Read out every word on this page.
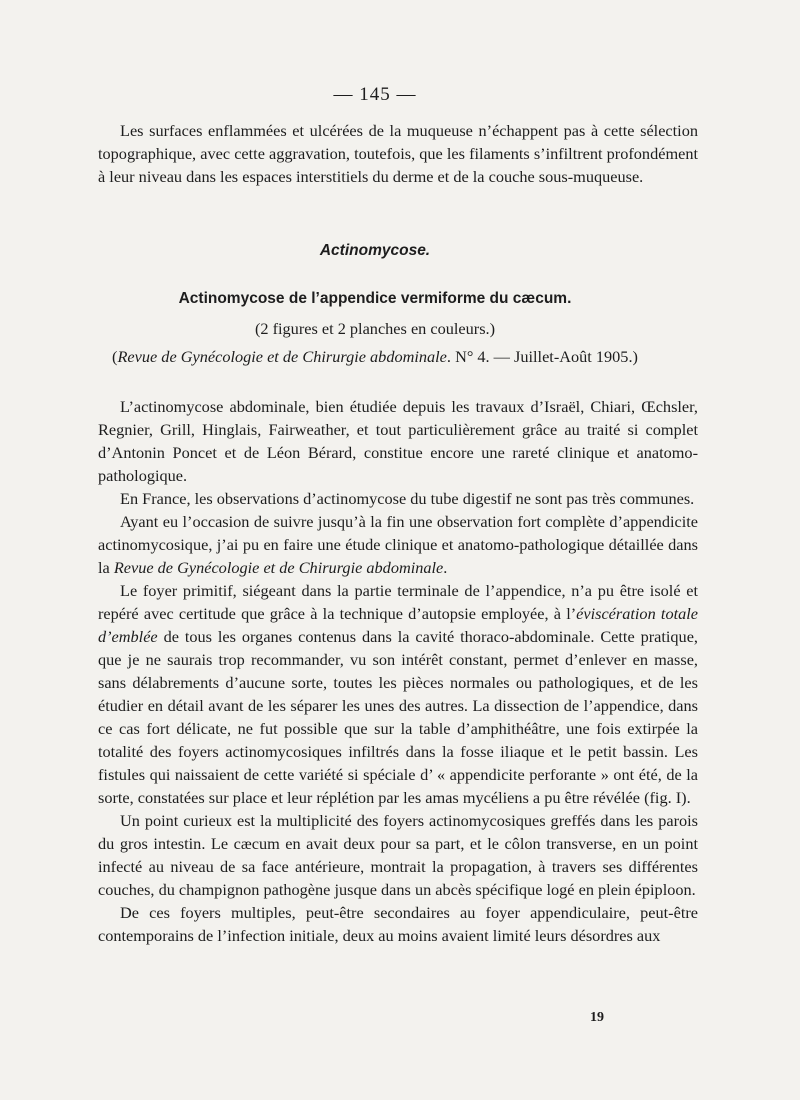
— 145 —
Les surfaces enflammées et ulcérées de la muqueuse n’échappent pas à cette sélection topographique, avec cette aggravation, toutefois, que les filaments s’infiltrent profondément à leur niveau dans les espaces interstitiels du derme et de la couche sous-muqueuse.
Actinomycose.
Actinomycose de l’appendice vermiforme du cæcum.
(2 figures et 2 planches en couleurs.)
(Revue de Gynécologie et de Chirurgie abdominale. N° 4. — Juillet-Août 1905.)

L’actinomycose abdominale, bien étudiée depuis les travaux d’Israël, Chiari, Œchsler, Regnier, Grill, Hinglais, Fairweather, et tout particulièrement grâce au traité si complet d’Antonin Poncet et de Léon Bérard, constitue encore une rareté clinique et anatomo-pathologique.

En France, les observations d’actinomycose du tube digestif ne sont pas très communes.

Ayant eu l’occasion de suivre jusqu’à la fin une observation fort complète d’appendicite actinomycosique, j’ai pu en faire une étude clinique et anatomo-pathologique détaillée dans la Revue de Gynécologie et de Chirurgie abdominale.

Le foyer primitif, siégeant dans la partie terminale de l’appendice, n’a pu être isolé et repéré avec certitude que grâce à la technique d’autopsie employée, à l’éviscération totale d’emblée de tous les organes contenus dans la cavité thoraco-abdominale. Cette pratique, que je ne saurais trop recommander, vu son intérêt constant, permet d’enlever en masse, sans délabrements d’aucune sorte, toutes les pièces normales ou pathologiques, et de les étudier en détail avant de les séparer les unes des autres. La dissection de l’appendice, dans ce cas fort délicate, ne fut possible que sur la table d’amphithéâtre, une fois extirpée la totalité des foyers actinomycosiques infiltrés dans la fosse iliaque et le petit bassin. Les fistules qui naissaient de cette variété si spéciale d’ « appendicite perforante » ont été, de la sorte, constatées sur place et leur réplétion par les amas mycéliens a pu être révélée (fig. I).

Un point curieux est la multiplicité des foyers actinomycosiques greffés dans les parois du gros intestin. Le cæcum en avait deux pour sa part, et le côlon transverse, en un point infecté au niveau de sa face antérieure, montrait la propagation, à travers ses différentes couches, du champignon pathogène jusque dans un abcès spécifique logé en plein épiploon.

De ces foyers multiples, peut-être secondaires au foyer appendiculaire, peut-être contemporains de l’infection initiale, deux au moins avaient limité leurs désordres aux

19
